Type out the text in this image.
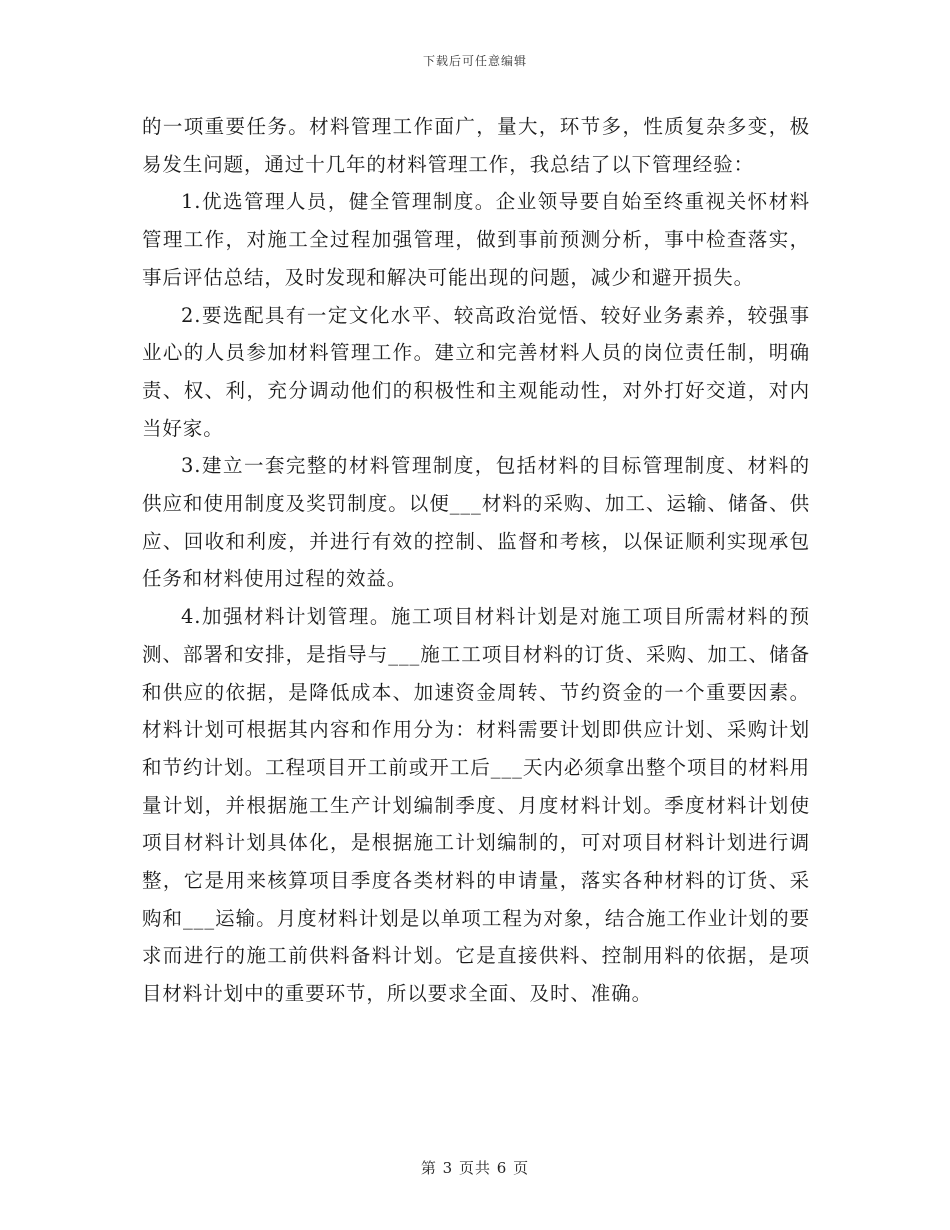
下载后可任意编辑

的一项重要任务。材料管理工作面广，量大，环节多，性质复杂多变，极易发生问题，通过十几年的材料管理工作，我总结了以下管理经验：

1.优选管理人员，健全管理制度。企业领导要自始至终重视关怀材料管理工作，对施工全过程加强管理，做到事前预测分析，事中检查落实，事后评估总结，及时发现和解决可能出现的问题，减少和避开损失。

2.要选配具有一定文化水平、较高政治觉悟、较好业务素养，较强事业心的人员参加材料管理工作。建立和完善材料人员的岗位责任制，明确责、权、利，充分调动他们的积极性和主观能动性，对外打好交道，对内当好家。

3.建立一套完整的材料管理制度，包括材料的目标管理制度、材料的供应和使用制度及奖罚制度。以便___材料的采购、加工、运输、储备、供应、回收和利废，并进行有效的控制、监督和考核，以保证顺利实现承包任务和材料使用过程的效益。

4.加强材料计划管理。施工项目材料计划是对施工项目所需材料的预测、部署和安排，是指导与___施工工项目材料的订货、采购、加工、储备和供应的依据，是降低成本、加速资金周转、节约资金的一个重要因素。材料计划可根据其内容和作用分为：材料需要计划即供应计划、采购计划和节约计划。工程项目开工前或开工后___天内必须拿出整个项目的材料用量计划，并根据施工生产计划编制季度、月度材料计划。季度材料计划使项目材料计划具体化，是根据施工计划编制的，可对项目材料计划进行调整，它是用来核算项目季度各类材料的申请量，落实各种材料的订货、采购和___运输。月度材料计划是以单项工程为对象，结合施工作业计划的要求而进行的施工前供料备料计划。它是直接供料、控制用料的依据，是项目材料计划中的重要环节，所以要求全面、及时、准确。

第 3 页共 6 页
